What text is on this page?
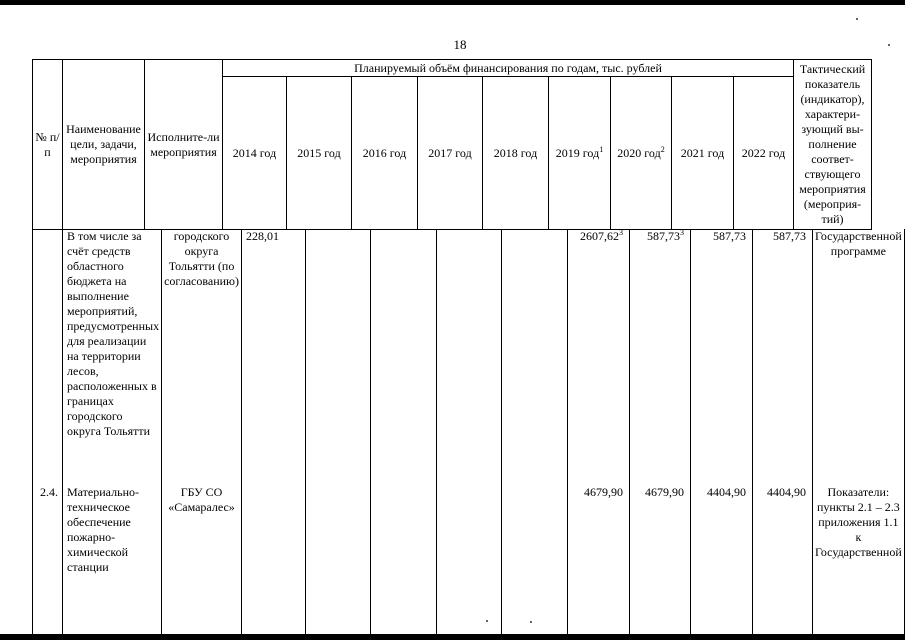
18
№ п/п	Наименование цели, задачи, мероприятия	Исполните-ли мероприятия	Планируемый объём финансирования по годам, тыс. рублей									Тактический показатель (индикатор), характери-зующий вы-полнение соответ-ствующего мероприятия (мероприя-тий)
			2014 год	2015 год	2016 год	2017 год	2018 год	2019 год$^1$	2020 год$^2$	2021 год	2022 год	
	В том числе за счёт средств областного бюджета на выполнение мероприятий, предусмотренных для реализации на территории лесов, расположенных в границах городского округа Тольятти	городского округа Тольятти (по согласованию)	228,01					2607,62$^3$	587,73$^3$	587,73	587,73	Государственной программе
2.4.	Материально-техническое обеспечение пожарно-химической станции	ГБУ СО «Самаралес»						4679,90	4679,90	4404,90	4404,90	Показатели: пункты 2.1 – 2.3 приложения 1.1 к Государственной
